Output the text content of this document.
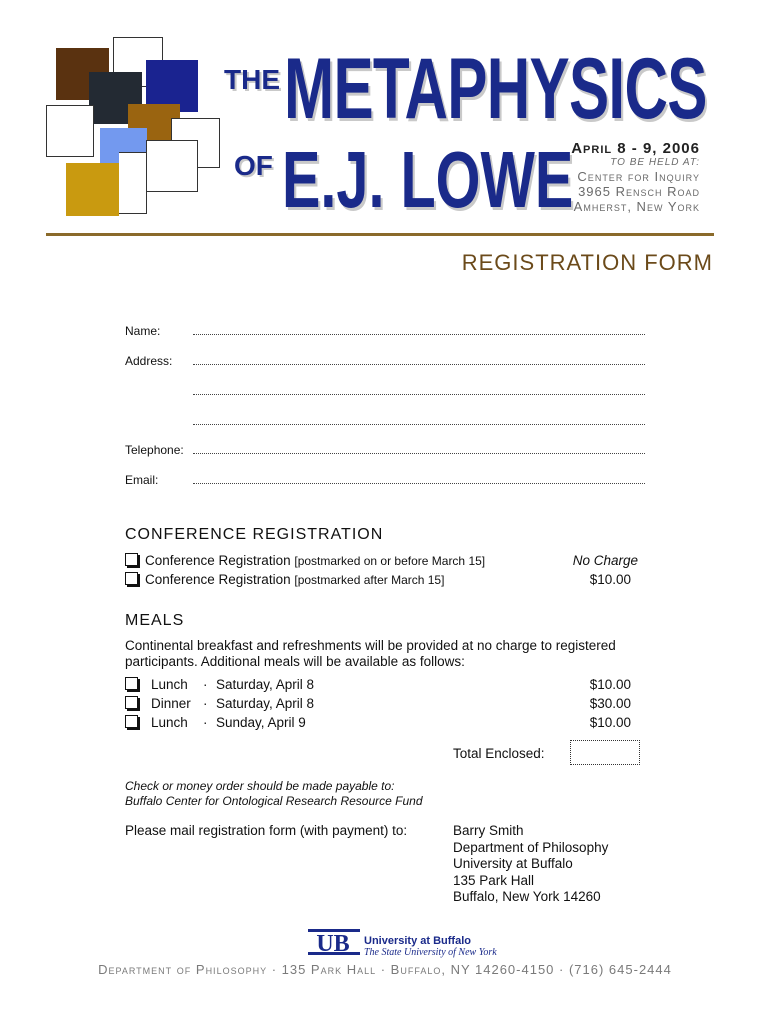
THE METAPHYSICS
OF E.J. LOWE
April 8 - 9, 2006
TO BE HELD AT:
Center for Inquiry
3965 Rensch Road
Amherst, New York
REGISTRATION FORM
Name:
Address:
Telephone:
Email:
CONFERENCE REGISTRATION
Conference Registration [postmarked on or before March 15]	No Charge
Conference Registration [postmarked after March 15]	$10.00
MEALS
Continental breakfast and refreshments will be provided at no charge to registered
participants. Additional meals will be available as follows:
Lunch · Saturday, April 8	$10.00
Dinner · Saturday, April 8	$30.00
Lunch · Sunday, April 9	$10.00
Total Enclosed:
Check or money order should be made payable to:
Buffalo Center for Ontological Research Resource Fund
Please mail registration form (with payment) to:	Barry Smith
Department of Philosophy
University at Buffalo
135 Park Hall
Buffalo, New York 14260
UB University at Buffalo
The State University of New York
Department of Philosophy · 135 Park Hall · Buffalo, NY 14260-4150 · (716) 645-2444
